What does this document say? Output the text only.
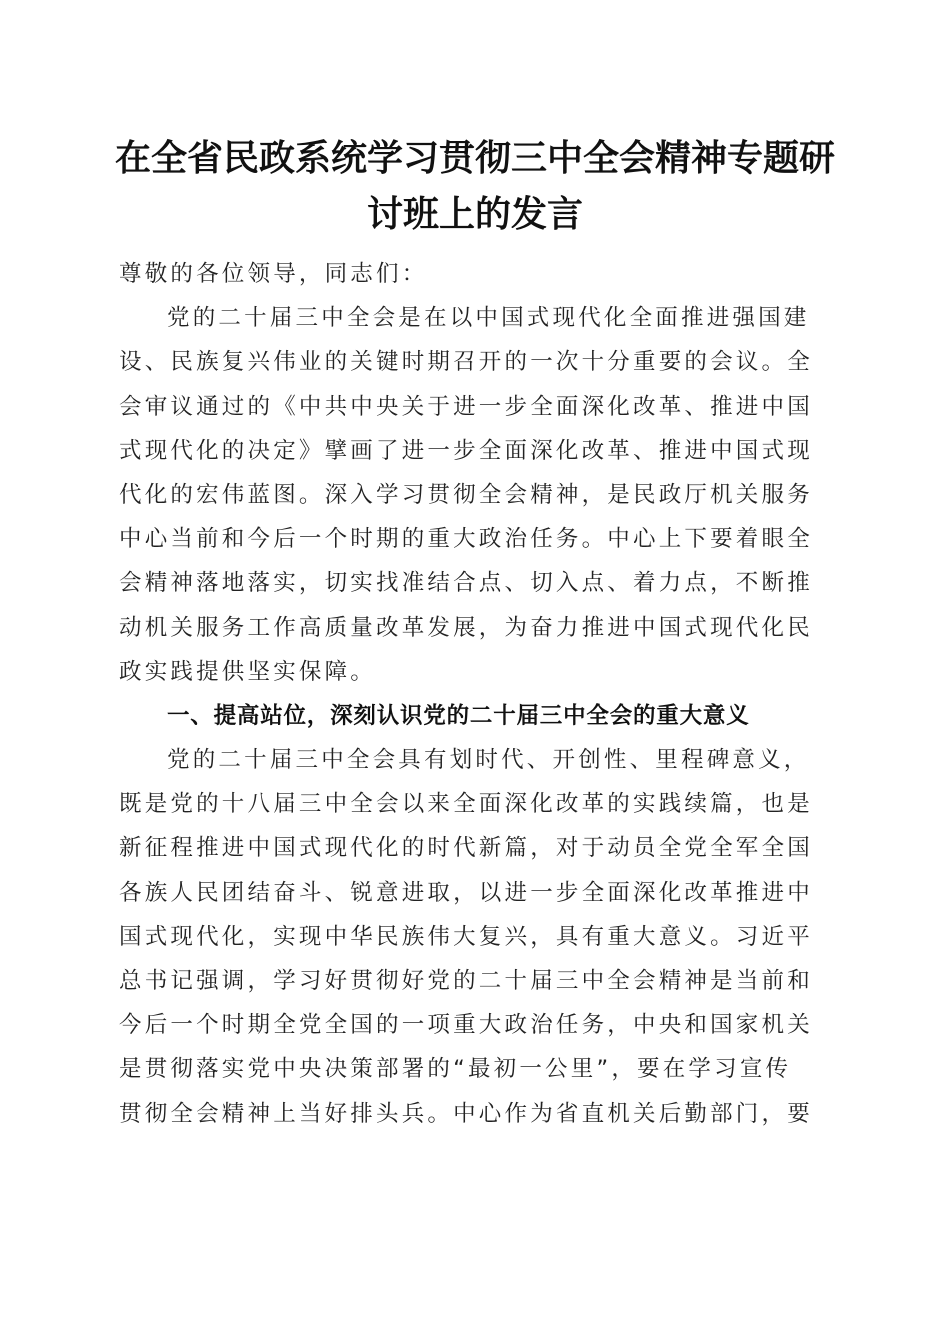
在全省民政系统学习贯彻三中全会精神专题研
讨班上的发言
尊敬的各位领导，同志们：
党的二十届三中全会是在以中国式现代化全面推进强国建
设、民族复兴伟业的关键时期召开的一次十分重要的会议。全
会审议通过的《中共中央关于进一步全面深化改革、推进中国
式现代化的决定》擘画了进一步全面深化改革、推进中国式现
代化的宏伟蓝图。深入学习贯彻全会精神，是民政厅机关服务
中心当前和今后一个时期的重大政治任务。中心上下要着眼全
会精神落地落实，切实找准结合点、切入点、着力点，不断推
动机关服务工作高质量改革发展，为奋力推进中国式现代化民
政实践提供坚实保障。
一、提高站位，深刻认识党的二十届三中全会的重大意义
党的二十届三中全会具有划时代、开创性、里程碑意义，
既是党的十八届三中全会以来全面深化改革的实践续篇，也是
新征程推进中国式现代化的时代新篇，对于动员全党全军全国
各族人民团结奋斗、锐意进取，以进一步全面深化改革推进中
国式现代化，实现中华民族伟大复兴，具有重大意义。习近平
总书记强调，学习好贯彻好党的二十届三中全会精神是当前和
今后一个时期全党全国的一项重大政治任务，中央和国家机关
是贯彻落实党中央决策部署的“最初一公里”，要在学习宣传
贯彻全会精神上当好排头兵。中心作为省直机关后勤部门，要
